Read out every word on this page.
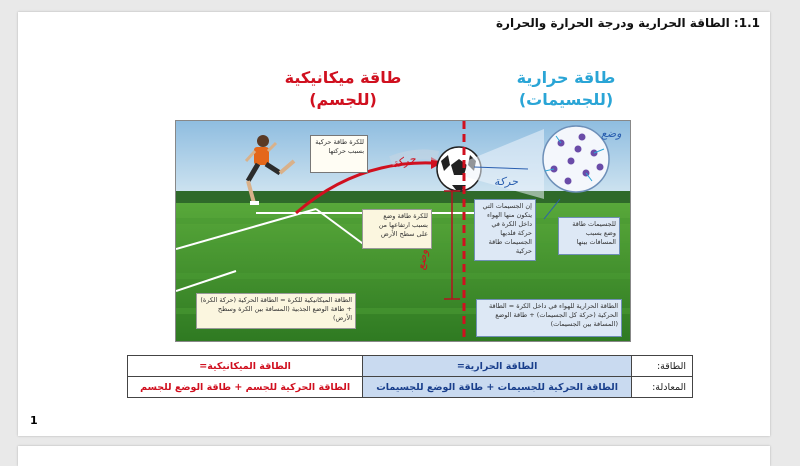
1.1: الطاقة الحرارية ودرجة الحرارة والحرارة
طاقة ميكانيكية
(للجسم)
طاقة حرارية
(للجسيمات)
للكرة طاقة حركية بسبب حركتها
للكرة طاقة وضع بسبب ارتفاعها من على سطح الأرض
إن الجسيمات التي يتكون منها الهواء داخل الكرة في حركة فلديها الجسيمات طاقة حركية
للجسيمات طاقة وضع بسبب المسافات بينها
الطاقة الميكانيكية للكرة = الطاقة الحركية (حركة الكرة) + طاقة الوضع الجذبية (المسافة بين الكرة وسطح الأرض)
الطاقة الحرارية للهواء في داخل الكرة = الطاقة الحركية (حركة كل الجسيمات) + طاقة الوضع (المسافة بين الجسيمات)
حركة
وضع
حركة
وضع
الطاقة:	الطاقة الحرارية=	الطاقة الميكانيكية=
المعادلة:	الطاقة الحركية للجسيمات + طاقة الوضع للجسيمات	الطاقة الحركية للجسم + طاقة الوضع للجسم
1
